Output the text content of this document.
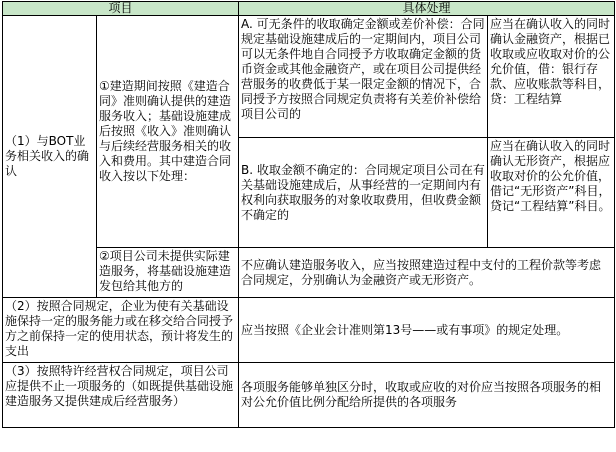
项目		具体处理	
（1）与BOT业务相关收入的确认	①建造期间按照《建造合同》准则确认提供的建造服务收入；基础设施建成后按照《收入》准则确认与后续经营服务相关的收入和费用。其中建造合同收入按以下处理：	A. 可无条件的收取确定金额或差价补偿：合同规定基础设施建成后的一定期间内，项目公司可以无条件地自合同授予方收取确定金额的货币资金或其他金融资产，或在项目公司提供经营服务的收费低于某一限定金额的情况下，合同授予方按照合同规定负责将有关差价补偿给项目公司的	应当在确认收入的同时确认金融资产，根据已收取或应收取对价的公允价值，借：银行存款、应收账款等科目，贷：工程结算
		B. 收取金额不确定的：合同规定项目公司在有关基础设施建成后，从事经营的一定期间内有权利向获取服务的对象收取费用，但收费金额不确定的	应当在确认收入的同时确认无形资产，根据应收取对价的公允价值，借记“无形资产”科目，贷记“工程结算”科目。
	②项目公司未提供实际建造服务，将基础设施建造发包给其他方的	不应确认建造服务收入，应当按照建造过程中支付的工程价款等考虑合同规定，分别确认为金融资产或无形资产。	
（2）按照合同规定，企业为使有关基础设施保持一定的服务能力或在移交给合同授予方之前保持一定的使用状态，预计将发生的支出		应当按照《企业会计准则第13号——或有事项》的规定处理。	
（3）按照特许经营权合同规定，项目公司应提供不止一项服务的（如既提供基础设施建造服务又提供建成后经营服务）		各项服务能够单独区分时，收取或应收的对价应当按照各项服务的相对公允价值比例分配给所提供的各项服务	
